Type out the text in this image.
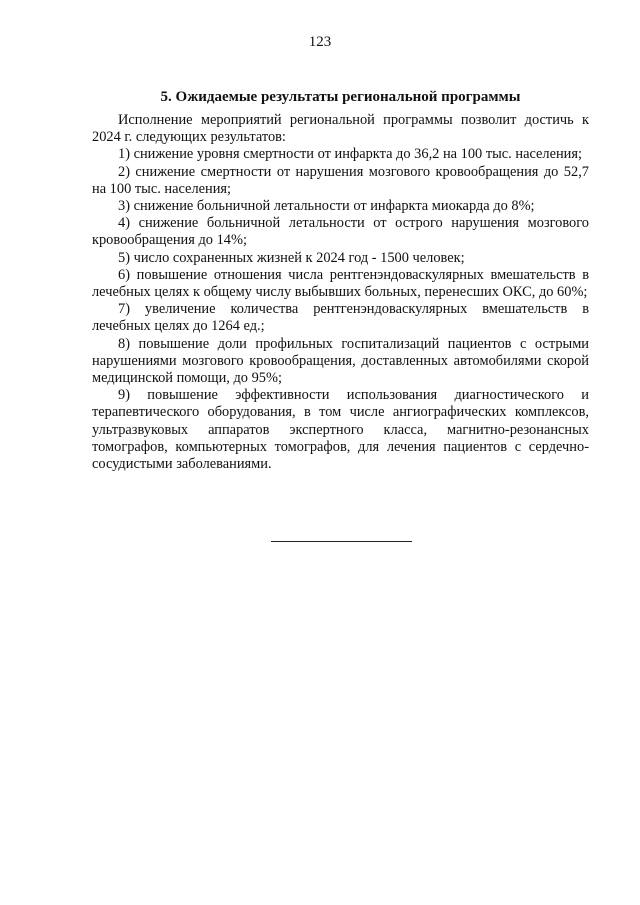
123
5. Ожидаемые результаты региональной программы

Исполнение мероприятий региональной программы позволит достичь к 2024 г. следующих результатов:

1) снижение уровня смертности от инфаркта до 36,2 на 100 тыс. населения;

2) снижение смертности от нарушения мозгового кровообращения до 52,7 на 100 тыс. населения;

3) снижение больничной летальности от инфаркта миокарда до 8%;

4) снижение больничной летальности от острого нарушения мозгового кровообращения до 14%;

5) число сохраненных жизней к 2024 год - 1500 человек;

6) повышение отношения числа рентгенэндоваскулярных вмешательств в лечебных целях к общему числу выбывших больных, перенесших ОКС, до 60%;

7) увеличение количества рентгенэндоваскулярных вмешательств в лечебных целях до 1264 ед.;

8) повышение доли профильных госпитализаций пациентов с острыми нарушениями мозгового кровообращения, доставленных автомобилями скорой медицинской помощи, до 95%;

9) повышение эффективности использования диагностического и терапевтического оборудования, в том числе ангиографических комплексов, ультразвуковых аппаратов экспертного класса, магнитно-резонансных томографов, компьютерных томографов, для лечения пациентов с сердечно-сосудистыми заболеваниями.
